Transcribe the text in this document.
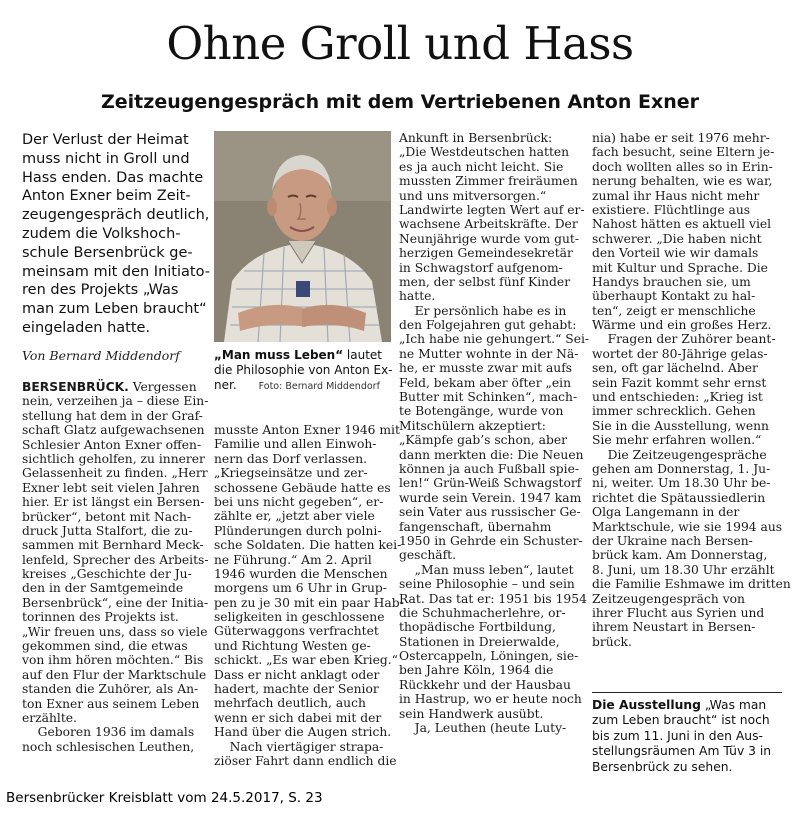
Ohne Groll und Hass
Zeitzeugengespräch mit dem Vertriebenen Anton Exner
Der Verlust der Heimat
muss nicht in Groll und
Hass enden. Das machte
Anton Exner beim Zeit-
zeugengespräch deutlich,
zudem die Volkshoch-
schule Bersenbrück ge-
meinsam mit den Initiato-
ren des Projekts „Was
man zum Leben braucht“
eingeladen hatte.
Von Bernard Middendorf	„Man muss Leben“ lautet
die Philosophie von Anton Ex-
ner. Foto: Bernard Middendorf
BERSENBRÜCK. Vergessen
nein, verzeihen ja – diese Ein-
stellung hat dem in der Graf-
schaft Glatz aufgewachsenen
Schlesier Anton Exner offen-
sichtlich geholfen, zu innerer
Gelassenheit zu finden. „Herr
Exner lebt seit vielen Jahren
hier. Er ist längst ein Bersen-
brücker“, betont mit Nach-
druck Jutta Stalfort, die zu-
sammen mit Bernhard Meck-
lenfeld, Sprecher des Arbeits-
kreises „Geschichte der Ju-
den in der Samtgemeinde
Bersenbrück“, eine der Initia-
torinnen des Projekts ist.
„Wir freuen uns, dass so viele
gekommen sind, die etwas
von ihm hören möchten.“ Bis
auf den Flur der Marktschule
standen die Zuhörer, als An-
ton Exner aus seinem Leben
erzählte.
Geboren 1936 im damals
noch schlesischen Leuthen,
musste Anton Exner 1946 mit
Familie und allen Einwoh-
nern das Dorf verlassen.
„Kriegseinsätze und zer-
schossene Gebäude hatte es
bei uns nicht gegeben“, er-
zählte er, „jetzt aber viele
Plünderungen durch polni-
sche Soldaten. Die hatten kei-
ne Führung.“ Am 2. April
1946 wurden die Menschen
morgens um 6 Uhr in Grup-
pen zu je 30 mit ein paar Hab-
seligkeiten in geschlossene
Güterwaggons verfrachtet
und Richtung Westen ge-
schickt. „Es war eben Krieg.“
Dass er nicht anklagt oder
hadert, machte der Senior
mehrfach deutlich, auch
wenn er sich dabei mit der
Hand über die Augen strich.
Nach viertägiger strapa-
ziöser Fahrt dann endlich die
Ankunft in Bersenbrück:
„Die Westdeutschen hatten
es ja auch nicht leicht. Sie
mussten Zimmer freiräumen
und uns mitversorgen.“
Landwirte legten Wert auf er-
wachsene Arbeitskräfte. Der
Neunjährige wurde vom gut-
herzigen Gemeindesekretär
in Schwagstorf aufgenom-
men, der selbst fünf Kinder
hatte.
Er persönlich habe es in
den Folgejahren gut gehabt:
„Ich habe nie gehungert.“ Sei-
ne Mutter wohnte in der Nä-
he, er musste zwar mit aufs
Feld, bekam aber öfter „ein
Butter mit Schinken“, mach-
te Botengänge, wurde von
Mitschülern akzeptiert:
„Kämpfe gab’s schon, aber
dann merkten die: Die Neuen
können ja auch Fußball spie-
len!“ Grün-Weiß Schwagstorf
wurde sein Verein. 1947 kam
sein Vater aus russischer Ge-
fangenschaft, übernahm
1950 in Gehrde ein Schuster-
geschäft.
„Man muss leben“, lautet
seine Philosophie – und sein
Rat. Das tat er: 1951 bis 1954
die Schuhmacherlehre, or-
thopädische Fortbildung,
Stationen in Dreierwalde,
Ostercappeln, Löningen, sie-
ben Jahre Köln, 1964 die
Rückkehr und der Hausbau
in Hastrup, wo er heute noch
sein Handwerk ausübt.
Ja, Leuthen (heute Luty-
nia) habe er seit 1976 mehr-
fach besucht, seine Eltern je-
doch wollten alles so in Erin-
nerung behalten, wie es war,
zumal ihr Haus nicht mehr
existiere. Flüchtlinge aus
Nahost hätten es aktuell viel
schwerer. „Die haben nicht
den Vorteil wie wir damals
mit Kultur und Sprache. Die
Handys brauchen sie, um
überhaupt Kontakt zu hal-
ten“, zeigt er menschliche
Wärme und ein großes Herz.
Fragen der Zuhörer beant-
wortet der 80-Jährige gelas-
sen, oft gar lächelnd. Aber
sein Fazit kommt sehr ernst
und entschieden: „Krieg ist
immer schrecklich. Gehen
Sie in die Ausstellung, wenn
Sie mehr erfahren wollen.“
Die Zeitzeugengespräche
gehen am Donnerstag, 1. Ju-
ni, weiter. Um 18.30 Uhr be-
richtet die Spätaussiedlerin
Olga Langemann in der
Marktschule, wie sie 1994 aus
der Ukraine nach Bersen-
brück kam. Am Donnerstag,
8. Juni, um 18.30 Uhr erzählt
die Familie Eshmawe im dritten
Zeitzeugengespräch von
ihrer Flucht aus Syrien und
ihrem Neustart in Bersen-
brück.
Die Ausstellung „Was man
zum Leben braucht“ ist noch
bis zum 11. Juni in den Aus-
stellungsräumen Am Tüv 3 in
Bersenbrück zu sehen.
Bersenbrücker Kreisblatt vom 24.5.2017, S. 23
